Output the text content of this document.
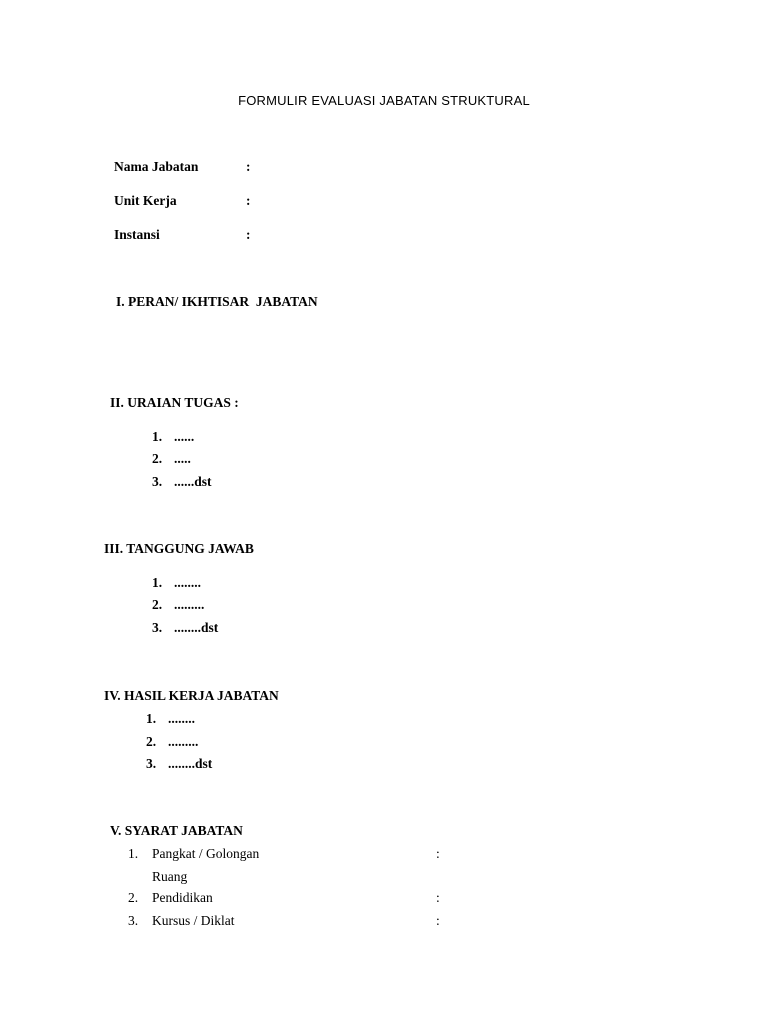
FORMULIR EVALUASI JABATAN STRUKTURAL
Nama Jabatan	:
Unit Kerja	:
Instansi	:
I. PERAN/ IKHTISAR  JABATAN
II. URAIAN TUGAS :
1. ......
2. .....
3. ......dst
III. TANGGUNG JAWAB
1. ........
2. .........
3. ........dst
IV. HASIL KERJA JABATAN
1. ........
2. .........
3. ........dst
V. SYARAT JABATAN
1. Pangkat / Golongan	:
Ruang
2. Pendidikan	:
3. Kursus / Diklat	:
